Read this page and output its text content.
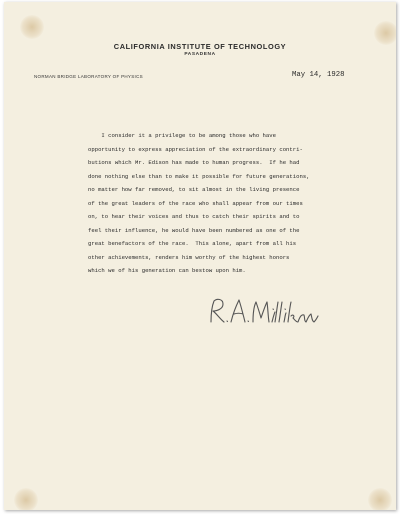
CALIFORNIA INSTITUTE OF TECHNOLOGY
PASADENA
NORMAN BRIDGE LABORATORY OF PHYSICS	May 14, 1928
I consider it a privilege to be among those who have
opportunity to express appreciation of the extraordinary contri-
butions which Mr. Edison has made to human progress.  If he had
done nothing else than to make it possible for future generations,
no matter how far removed, to sit almost in the living presence
of the great leaders of the race who shall appear from our times
on, to hear their voices and thus to catch their spirits and to
feel their influence, he would have been numbered as one of the
great benefactors of the race.  This alone, apart from all his
other achievements, renders him worthy of the highest honors
which we of his generation can bestow upon him.
